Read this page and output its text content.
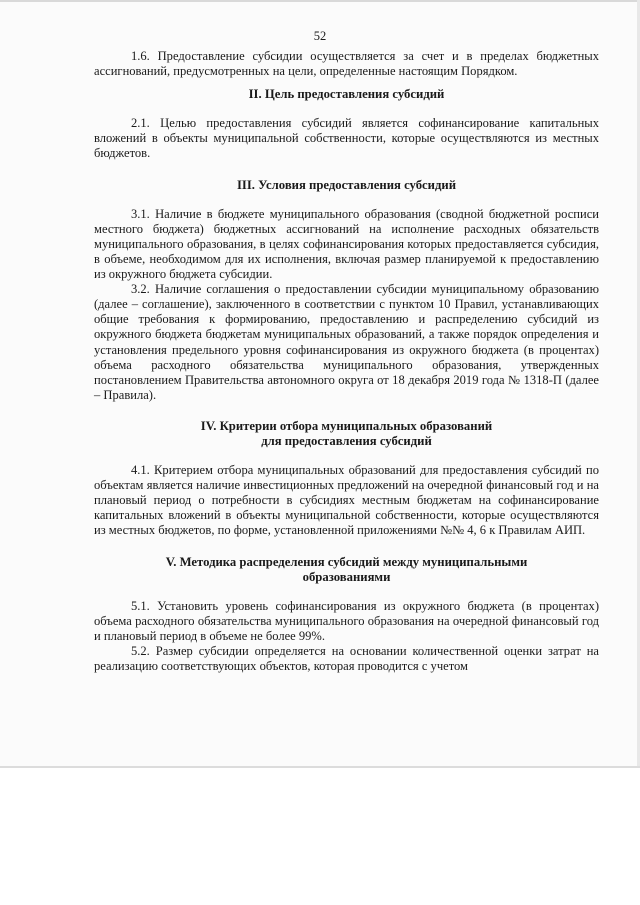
52

1.6. Предоставление субсидии осуществляется за счет и в пределах бюджетных ассигнований, предусмотренных на цели, определенные настоящим Порядком.

II. Цель предоставления субсидий

2.1. Целью предоставления субсидий является софинансирование капитальных вложений в объекты муниципальной собственности, которые осуществляются из местных бюджетов.

III. Условия предоставления субсидий

3.1. Наличие в бюджете муниципального образования (сводной бюджетной росписи местного бюджета) бюджетных ассигнований на исполнение расходных обязательств муниципального образования, в целях софинансирования которых предоставляется субсидия, в объеме, необходимом для их исполнения, включая размер планируемой к предоставлению из окружного бюджета субсидии.

3.2. Наличие соглашения о предоставлении субсидии муниципальному образованию (далее – соглашение), заключенного в соответствии с пунктом 10 Правил, устанавливающих общие требования к формированию, предоставлению и распределению субсидий из окружного бюджета бюджетам муниципальных образований, а также порядок определения и установления предельного уровня софинансирования из окружного бюджета (в процентах) объема расходного обязательства муниципального образования, утвержденных постановлением Правительства автономного округа от 18 декабря 2019 года № 1318-П (далее – Правила).

IV. Критерии отбора муниципальных образований
для предоставления субсидий

4.1. Критерием отбора муниципальных образований для предоставления субсидий по объектам является наличие инвестиционных предложений на очередной финансовый год и на плановый период о потребности в субсидиях местным бюджетам на софинансирование капитальных вложений в объекты муниципальной собственности, которые осуществляются из местных бюджетов, по форме, установленной приложениями №№ 4, 6 к Правилам АИП.

V. Методика распределения субсидий между муниципальными
образованиями

5.1. Установить уровень софинансирования из окружного бюджета (в процентах) объема расходного обязательства муниципального образования на очередной финансовый год и плановый период в объеме не более 99%.

5.2. Размер субсидии определяется на основании количественной оценки затрат на реализацию соответствующих объектов, которая проводится с учетом
